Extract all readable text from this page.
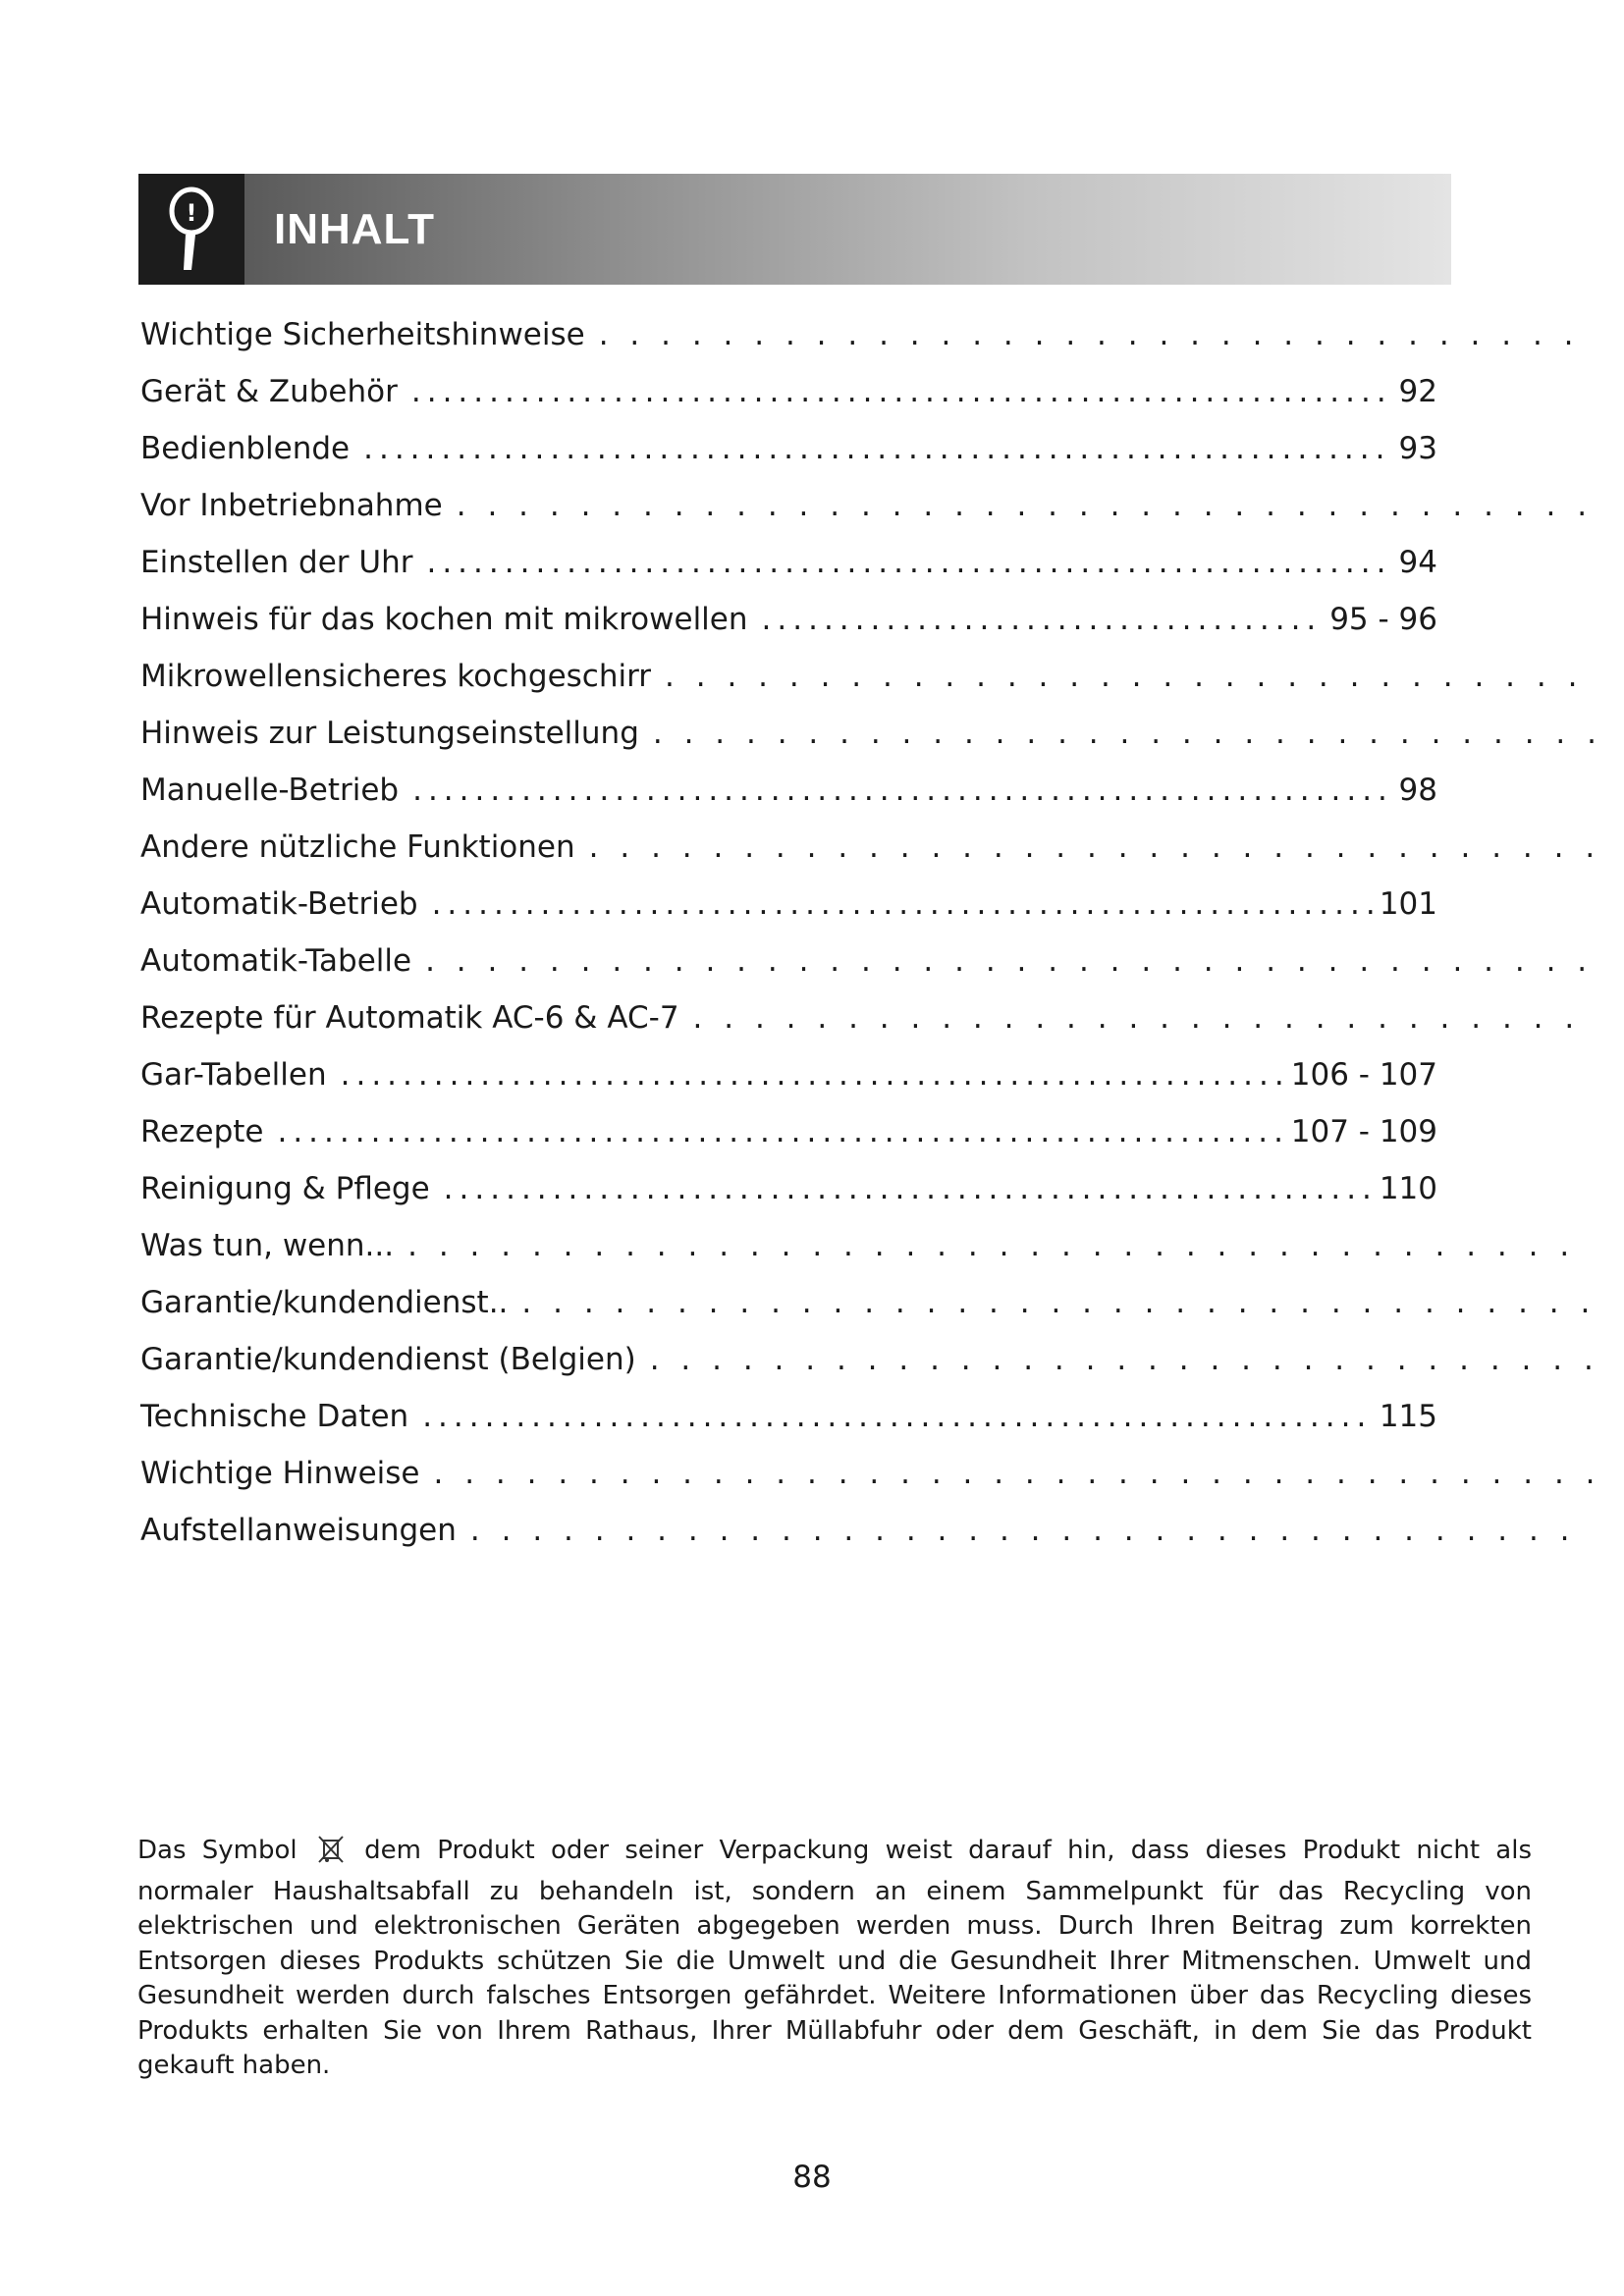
! INHALT
Wichtige Sicherheitshinweise
. . .
Gerät & Zubehör .....	92
Bedienblende .....	93
Vor Inbetriebnahme
. . .
Einstellen der Uhr .....	94
Hinweis für das kochen mit mikrowellen .....	95 - 96
Mikrowellensicheres kochgeschirr
. . .
Hinweis zur Leistungseinstellung
. . .
Manuelle-Betrieb .....	98
Andere nützliche Funktionen
. . .
Automatik-Betrieb .....	101
Automatik-Tabelle
. . .
Rezepte für Automatik AC-6 & AC-7
. . .
Gar-Tabellen .....	106 - 107
Rezepte .....	107 - 109
Reinigung & Pflege .....	110
Was tun, wenn...
. . .
Garantie/kundendienst..
. . .
Garantie/kundendienst (Belgien)
. . .
Technische Daten .....	115
Wichtige Hinweise
. . .
Aufstellanweisungen
. . .

Das Symbol	dem Produkt oder seiner Verpackung weist darauf hin, dass dieses Produkt nicht als normaler Haushaltsabfall zu behandeln ist, sondern an einem Sammelpunkt für das Recycling von elektrischen und elektronischen Geräten abgegeben werden muss. Durch Ihren Beitrag zum korrekten Entsorgen dieses Produkts schützen Sie die Umwelt und die Gesundheit Ihrer Mitmenschen. Umwelt und Gesundheit werden durch falsches Entsorgen gefährdet. Weitere Informationen über das Recycling dieses Produkts erhalten Sie von Ihrem Rathaus, Ihrer Müllabfuhr oder dem Geschäft, in dem Sie das Produkt gekauft haben.

88
